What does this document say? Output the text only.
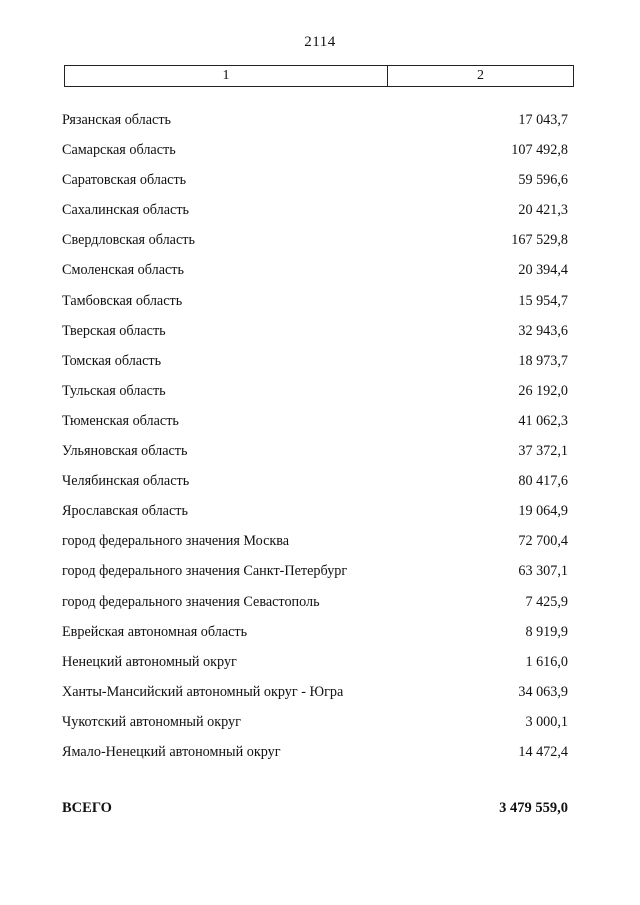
2114
1	2
Рязанская область	17 043,7
Самарская область	107 492,8
Саратовская область	59 596,6
Сахалинская область	20 421,3
Свердловская область	167 529,8
Смоленская область	20 394,4
Тамбовская область	15 954,7
Тверская область	32 943,6
Томская область	18 973,7
Тульская область	26 192,0
Тюменская область	41 062,3
Ульяновская область	37 372,1
Челябинская область	80 417,6
Ярославская область	19 064,9
город федерального значения Москва	72 700,4
город федерального значения Санкт-Петербург	63 307,1
город федерального значения Севастополь	7 425,9
Еврейская автономная область	8 919,9
Ненецкий автономный округ	1 616,0
Ханты-Мансийский автономный округ - Югра	34 063,9
Чукотский автономный округ	3 000,1
Ямало-Ненецкий автономный округ	14 472,4
ВСЕГО	3 479 559,0
